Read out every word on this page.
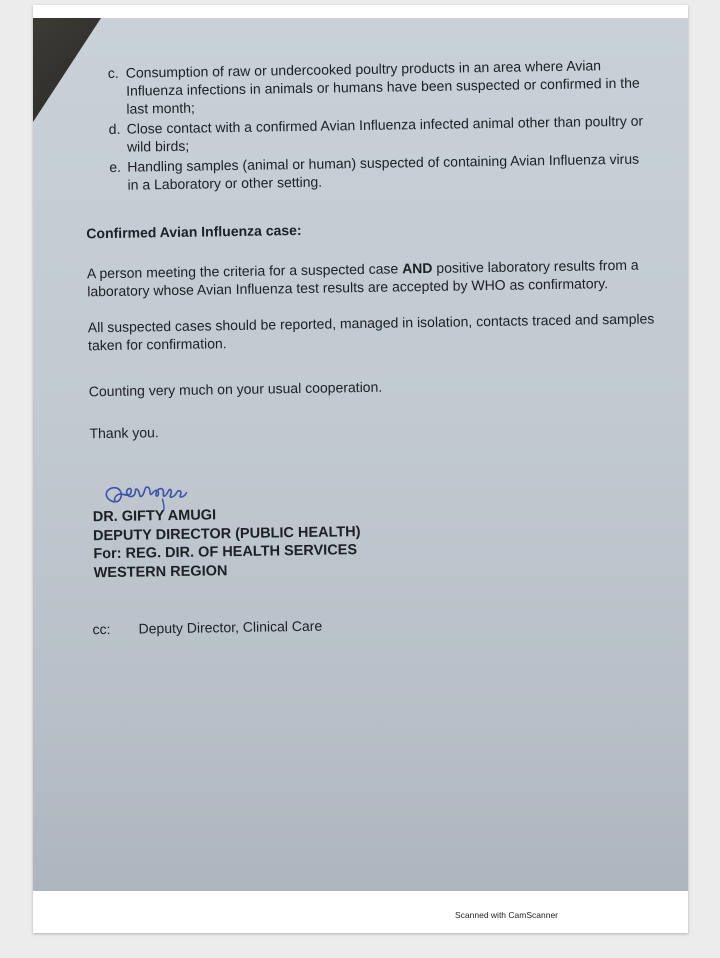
c. Consumption of raw or undercooked poultry products in an area where Avian Influenza infections in animals or humans have been suspected or confirmed in the last month;
d. Close contact with a confirmed Avian Influenza infected animal other than poultry or wild birds;
e. Handling samples (animal or human) suspected of containing Avian Influenza virus in a Laboratory or other setting.
Confirmed Avian Influenza case:
A person meeting the criteria for a suspected case AND positive laboratory results from a laboratory whose Avian Influenza test results are accepted by WHO as confirmatory.
All suspected cases should be reported, managed in isolation, contacts traced and samples taken for confirmation.
Counting very much on your usual cooperation.
Thank you.
DR. GIFTY AMUGI
DEPUTY DIRECTOR (PUBLIC HEALTH)
For: REG. DIR. OF HEALTH SERVICES
WESTERN REGION
cc:	Deputy Director, Clinical Care
Scanned with CamScanner
